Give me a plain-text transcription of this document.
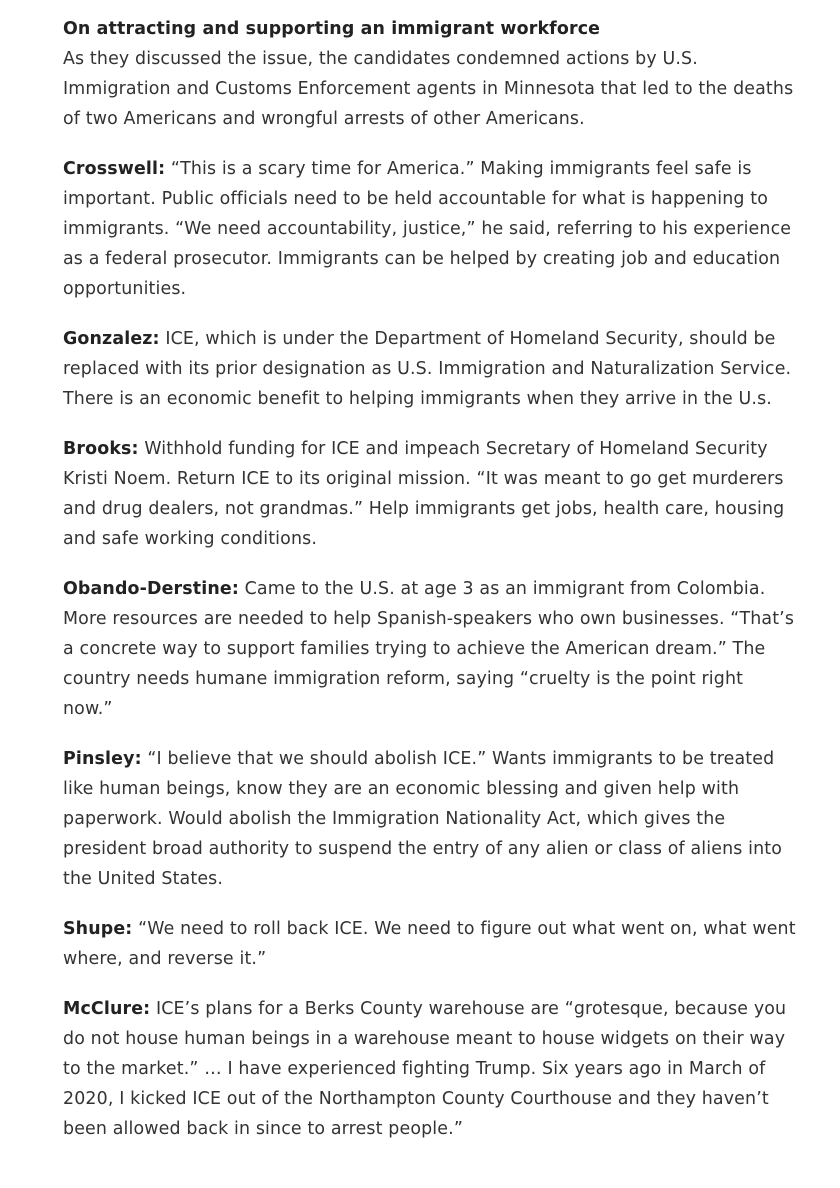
On attracting and supporting an immigrant workforce

As they discussed the issue, the candidates condemned actions by U.S. Immigration and Customs Enforcement agents in Minnesota that led to the deaths of two Americans and wrongful arrests of other Americans.

Crosswell: “This is a scary time for America.” Making immigrants feel safe is important. Public officials need to be held accountable for what is happening to immigrants. “We need accountability, justice,” he said, referring to his experience as a federal prosecutor. Immigrants can be helped by creating job and education opportunities.

Gonzalez: ICE, which is under the Department of Homeland Security, should be replaced with its prior designation as U.S. Immigration and Naturalization Service. There is an economic benefit to helping immigrants when they arrive in the U.s.

Brooks: Withhold funding for ICE and impeach Secretary of Homeland Security Kristi Noem. Return ICE to its original mission. “It was meant to go get murderers and drug dealers, not grandmas.” Help immigrants get jobs, health care, housing and safe working conditions.

Obando-Derstine: Came to the U.S. at age 3 as an immigrant from Colombia. More resources are needed to help Spanish-speakers who own businesses. “That’s a concrete way to support families trying to achieve the American dream.” The country needs humane immigration reform, saying “cruelty is the point right now.”

Pinsley: “I believe that we should abolish ICE.” Wants immigrants to be treated like human beings, know they are an economic blessing and given help with paperwork. Would abolish the Immigration Nationality Act, which gives the president broad authority to suspend the entry of any alien or class of aliens into the United States.

Shupe: “We need to roll back ICE. We need to figure out what went on, what went where, and reverse it.”

McClure: ICE’s plans for a Berks County warehouse are “grotesque, because you do not house human beings in a warehouse meant to house widgets on their way to the market.” … I have experienced fighting Trump. Six years ago in March of 2020, I kicked ICE out of the Northampton County Courthouse and they haven’t been allowed back in since to arrest people.”
